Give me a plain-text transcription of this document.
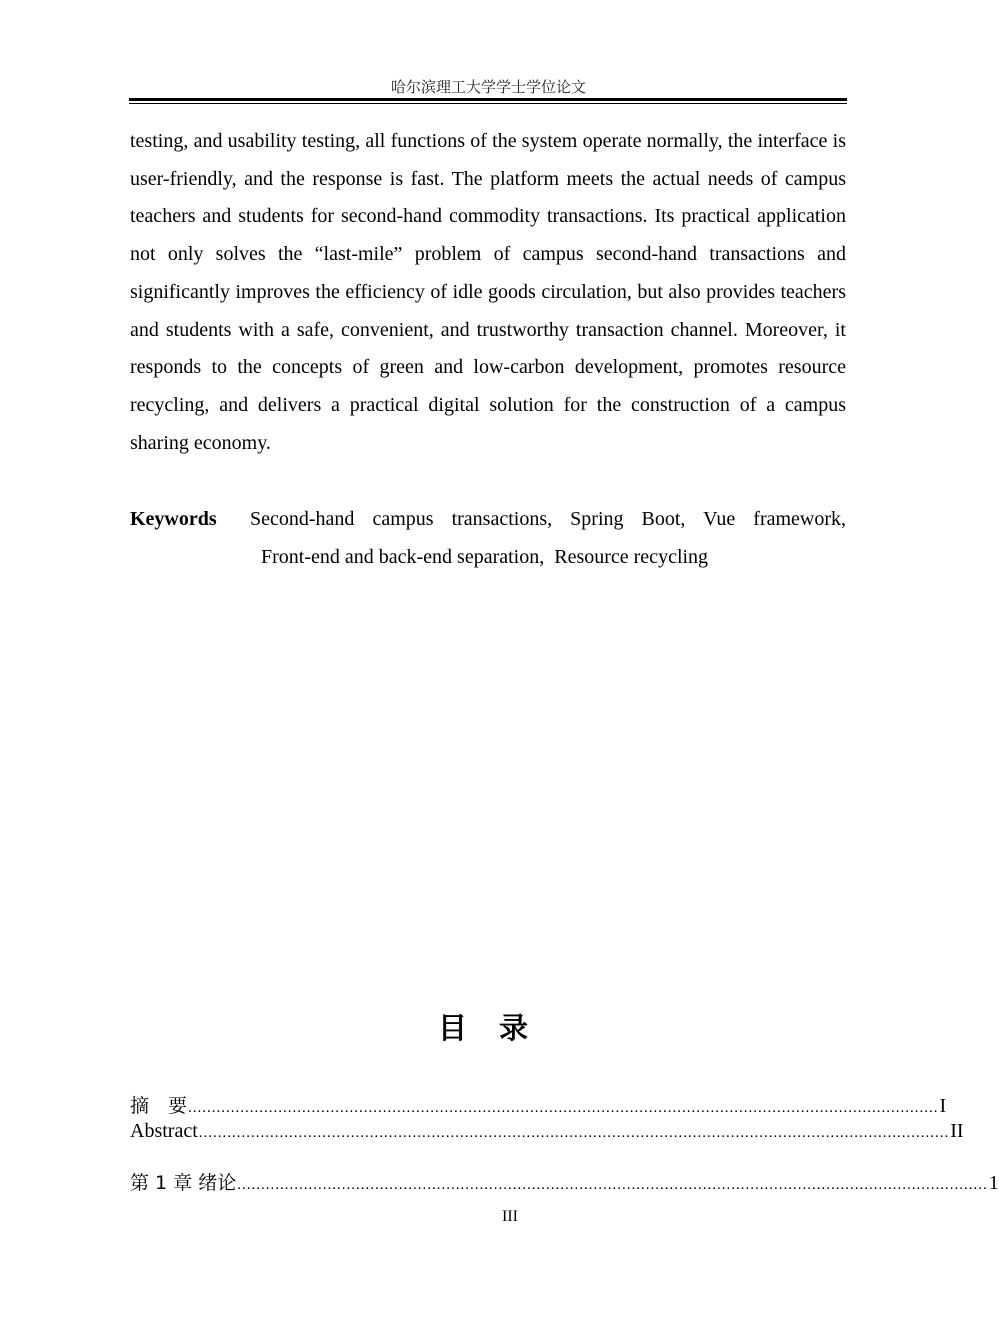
哈尔滨理工大学学士学位论文

testing, and usability testing, all functions of the system operate normally, the interface is user-friendly, and the response is fast. The platform meets the actual needs of campus teachers and students for second-hand commodity transactions. Its practical application not only solves the “last-mile” problem of campus second-hand transactions and significantly improves the efficiency of idle goods circulation, but also provides teachers and students with a safe, convenient, and trustworthy transaction channel. Moreover, it responds to the concepts of green and low-carbon development, promotes resource recycling, and delivers a practical digital solution for the construction of a campus sharing economy.

Keywords Second-hand campus transactions, Spring Boot, Vue framework,
Front-end and back-end separation, Resource recycling
目录
摘　要 .............................................................................................................................................................. I
Abstract .............................................................................................................................................................. II
第 1 章 绪论 .............................................................................................................................................................. 1
III
